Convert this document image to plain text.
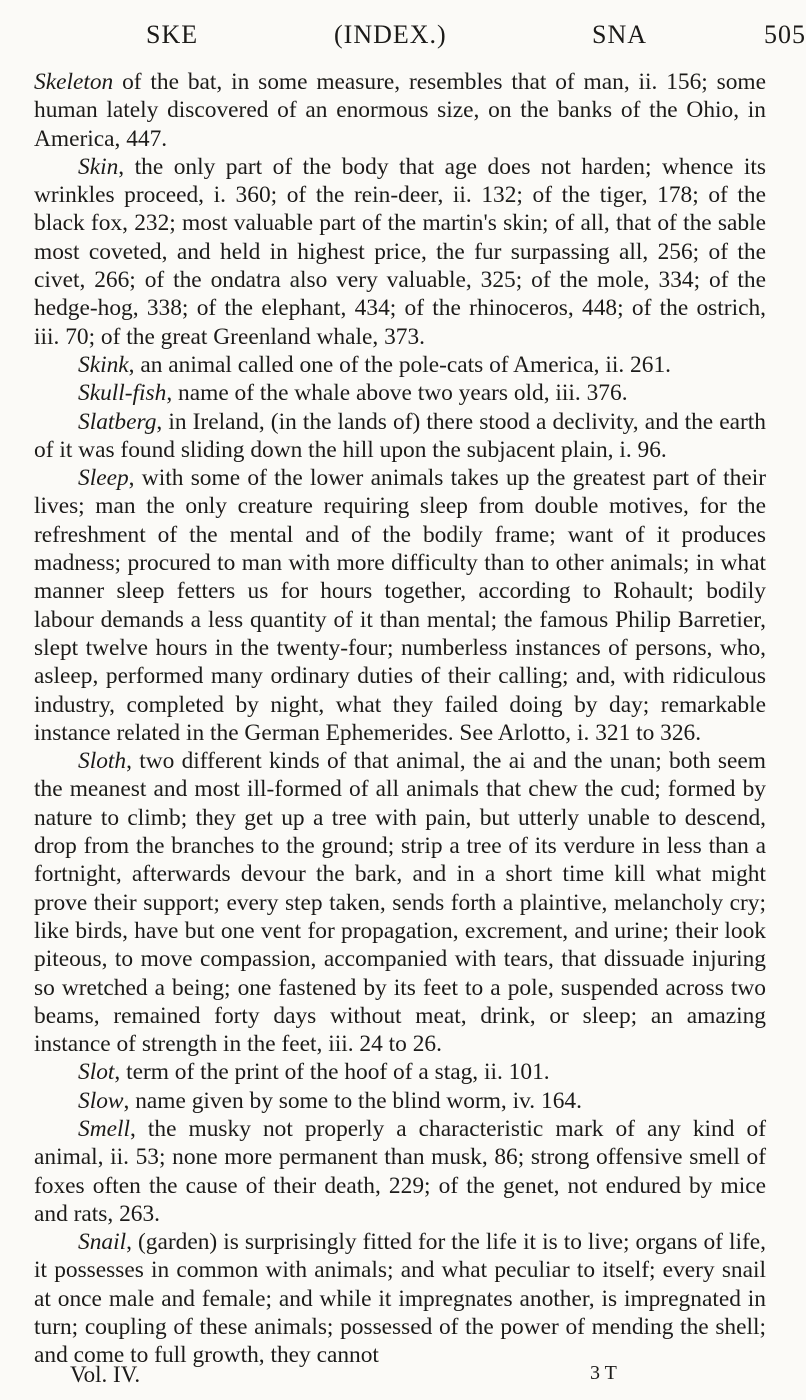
SKE	(INDEX.)	SNA	505

Skeleton of the bat, in some measure, resembles that of man, ii. 156; some human lately discovered of an enormous size, on the banks of the Ohio, in America, 447.

Skin, the only part of the body that age does not harden; whence its wrinkles proceed, i. 360; of the rein-deer, ii. 132; of the tiger, 178; of the black fox, 232; most valuable part of the martin's skin; of all, that of the sable most coveted, and held in highest price, the fur surpassing all, 256; of the civet, 266; of the ondatra also very valuable, 325; of the mole, 334; of the hedge-hog, 338; of the elephant, 434; of the rhinoceros, 448; of the ostrich, iii. 70; of the great Greenland whale, 373.

Skink, an animal called one of the pole-cats of America, ii. 261.

Skull-fish, name of the whale above two years old, iii. 376.

Slatberg, in Ireland, (in the lands of) there stood a declivity, and the earth of it was found sliding down the hill upon the subjacent plain, i. 96.

Sleep, with some of the lower animals takes up the greatest part of their lives; man the only creature requiring sleep from double motives, for the refreshment of the mental and of the bodily frame; want of it produces madness; procured to man with more difficulty than to other animals; in what manner sleep fetters us for hours together, according to Rohault; bodily labour demands a less quantity of it than mental; the famous Philip Barretier, slept twelve hours in the twenty-four; numberless instances of persons, who, asleep, performed many ordinary duties of their calling; and, with ridiculous industry, completed by night, what they failed doing by day; remarkable instance related in the German Ephemerides. See Arlotto, i. 321 to 326.

Sloth, two different kinds of that animal, the ai and the unan; both seem the meanest and most ill-formed of all animals that chew the cud; formed by nature to climb; they get up a tree with pain, but utterly unable to descend, drop from the branches to the ground; strip a tree of its verdure in less than a fortnight, afterwards devour the bark, and in a short time kill what might prove their support; every step taken, sends forth a plaintive, melancholy cry; like birds, have but one vent for propagation, excrement, and urine; their look piteous, to move compassion, accompanied with tears, that dissuade injuring so wretched a being; one fastened by its feet to a pole, suspended across two beams, remained forty days without meat, drink, or sleep; an amazing instance of strength in the feet, iii. 24 to 26.

Slot, term of the print of the hoof of a stag, ii. 101.

Slow, name given by some to the blind worm, iv. 164.

Smell, the musky not properly a characteristic mark of any kind of animal, ii. 53; none more permanent than musk, 86; strong offensive smell of foxes often the cause of their death, 229; of the genet, not endured by mice and rats, 263.

Snail, (garden) is surprisingly fitted for the life it is to live; organs of life, it possesses in common with animals; and what peculiar to itself; every snail at once male and female; and while it impregnates another, is impregnated in turn; coupling of these animals; possessed of the power of mending the shell; and come to full growth, they cannot

Vol. IV.	3 T
